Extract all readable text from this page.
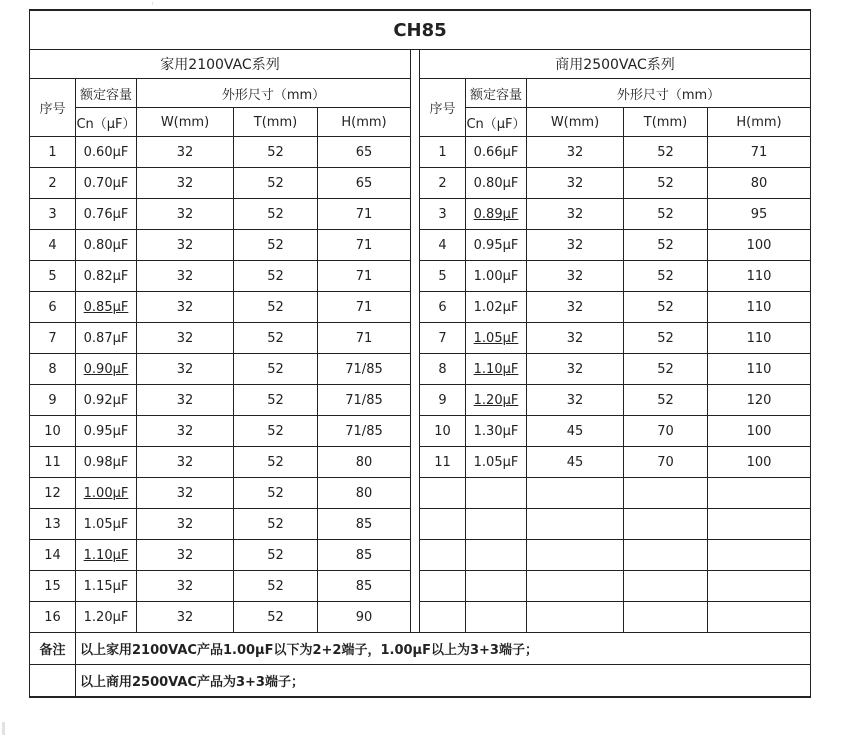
CH85										
家用2100VAC系列						商用2500VAC系列				
序号	额定容量	外形尺寸（mm）				序号	额定容量	外形尺寸（mm）		
	Cn（μF）	W(mm)	T(mm)	H(mm)			Cn（μF）	W(mm)	T(mm)	H(mm)
1	0.60μF	32	52	65		1	0.66μF	32	52	71
2	0.70μF	32	52	65		2	0.80μF	32	52	80
3	0.76μF	32	52	71		3	0.89μF	32	52	95
4	0.80μF	32	52	71		4	0.95μF	32	52	100
5	0.82μF	32	52	71		5	1.00μF	32	52	110
6	0.85μF	32	52	71		6	1.02μF	32	52	110
7	0.87μF	32	52	71		7	1.05μF	32	52	110
8	0.90μF	32	52	71/85		8	1.10μF	32	52	110
9	0.92μF	32	52	71/85		9	1.20μF	32	52	120
10	0.95μF	32	52	71/85		10	1.30μF	45	70	100
11	0.98μF	32	52	80		11	1.05μF	45	70	100
12	1.00μF	32	52	80						
13	1.05μF	32	52	85						
14	1.10μF	32	52	85						
15	1.15μF	32	52	85						
16	1.20μF	32	52	90						
备注	以上家用2100VAC产品1.00μF以下为2+2端子，1.00μF以上为3+3端子；									
	以上商用2500VAC产品为3+3端子；									
